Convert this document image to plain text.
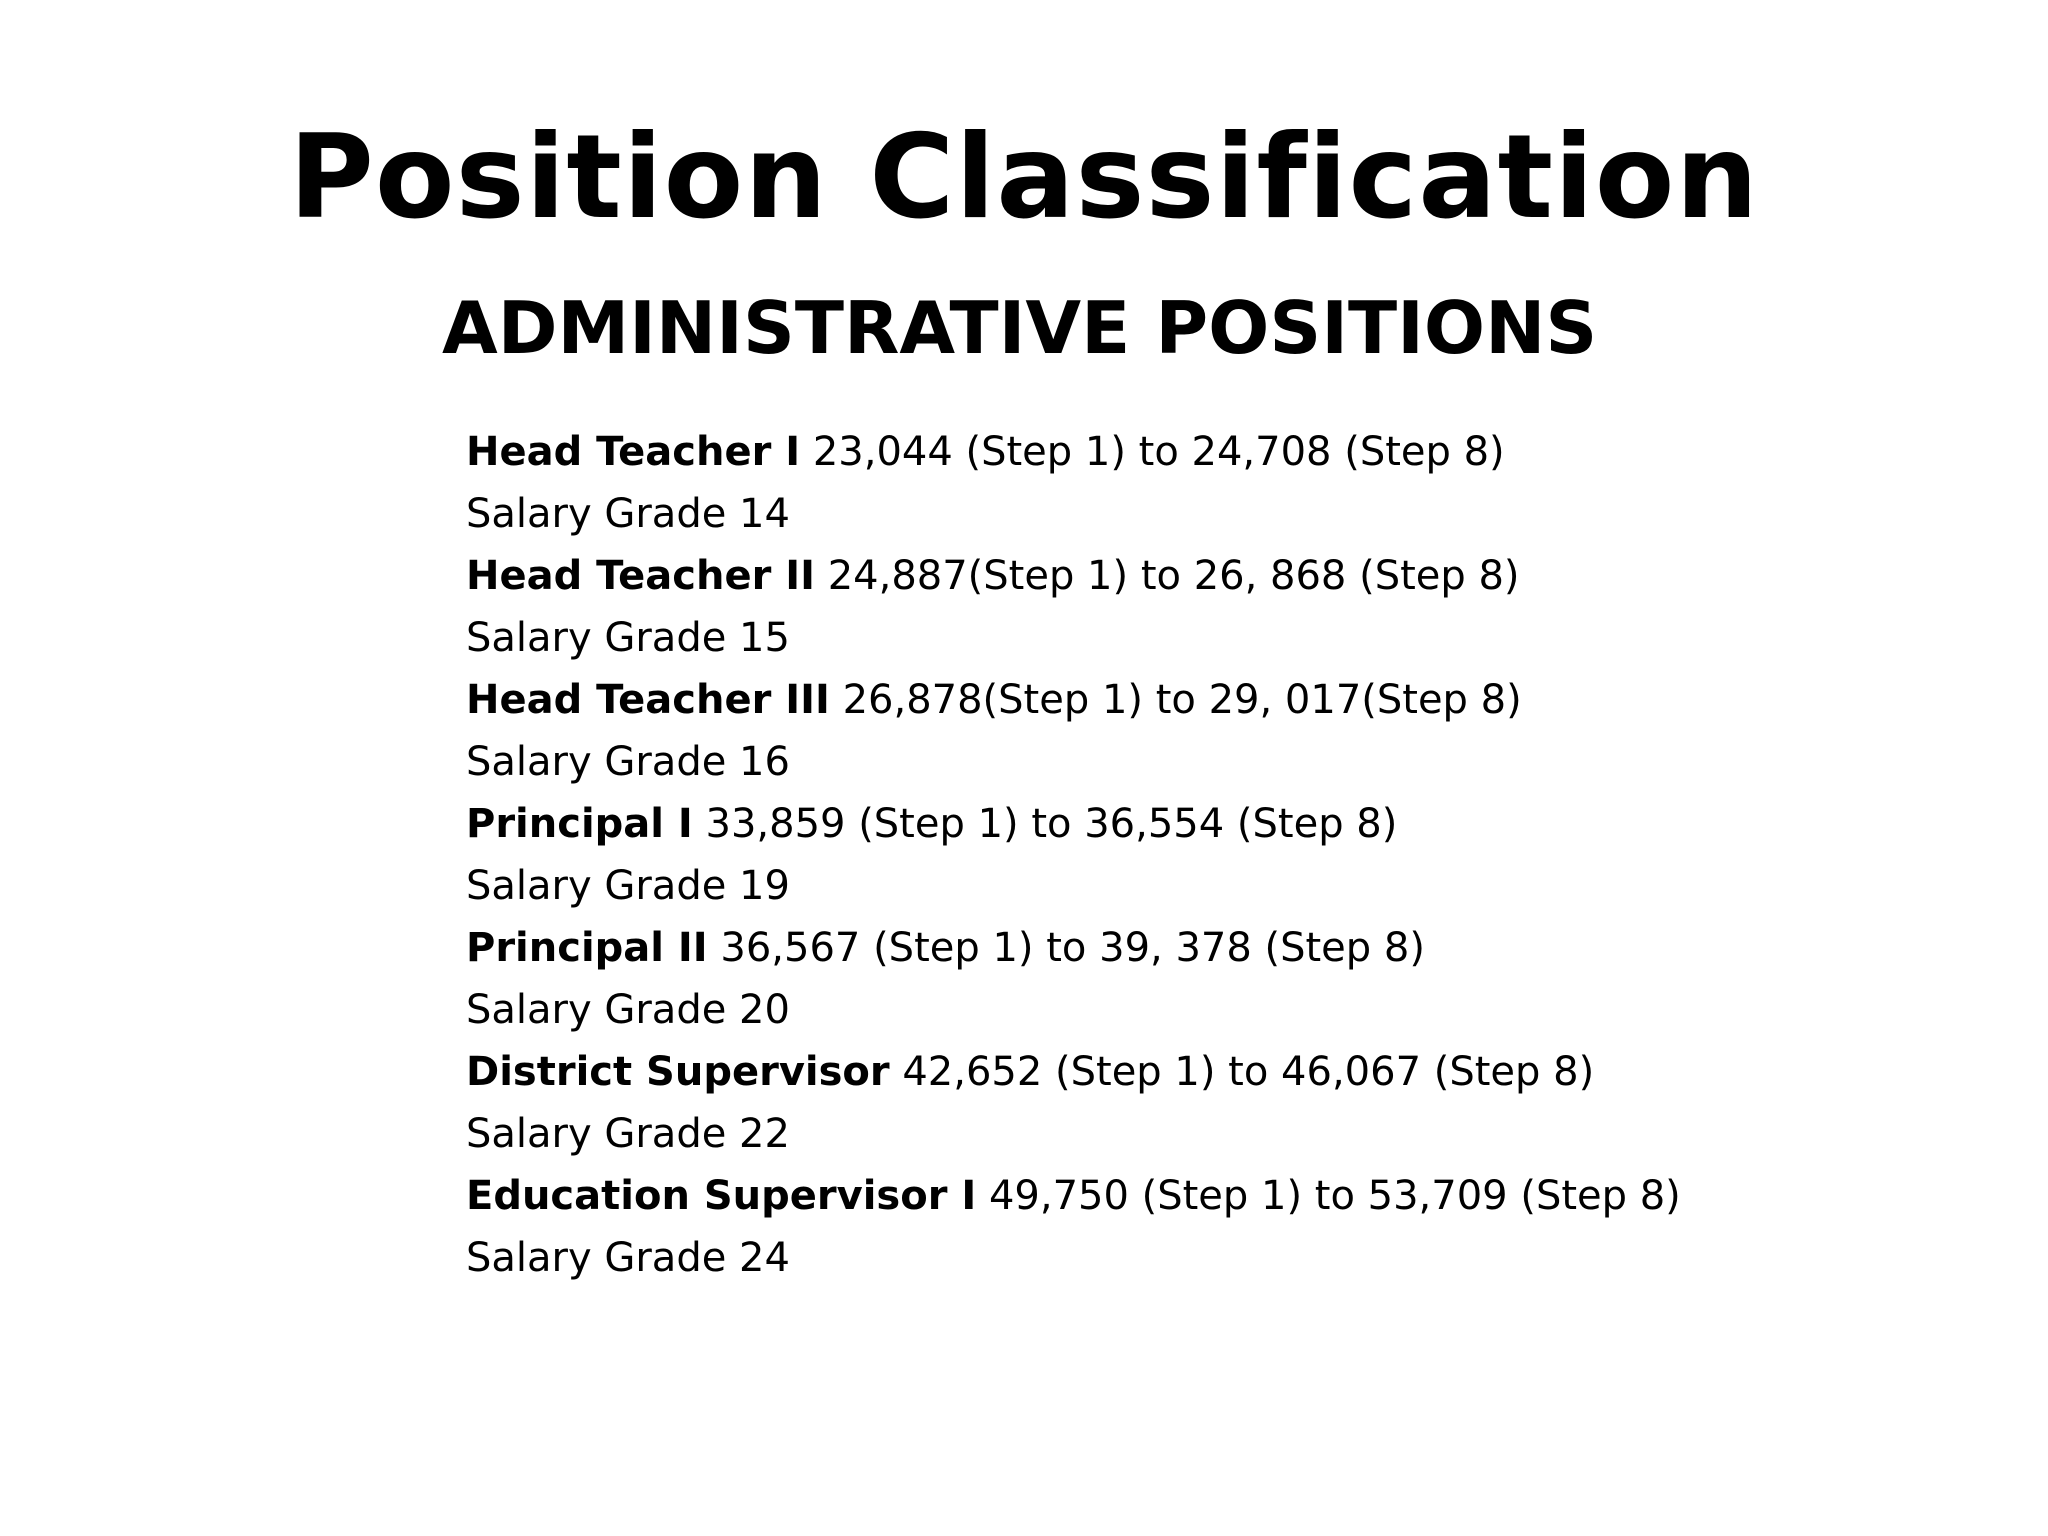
Position Classification
ADMINISTRATIVE POSITIONS
Head Teacher I 23,044 (Step 1) to 24,708 (Step 8)
Salary Grade 14
Head Teacher II 24,887(Step 1) to 26, 868 (Step 8)
Salary Grade 15
Head Teacher III 26,878(Step 1) to 29, 017(Step 8)
Salary Grade 16
Principal I 33,859 (Step 1) to 36,554 (Step 8)
Salary Grade 19
Principal II 36,567 (Step 1) to 39, 378 (Step 8)
Salary Grade 20
District Supervisor 42,652 (Step 1) to 46,067 (Step 8)
Salary Grade 22
Education Supervisor I 49,750 (Step 1) to 53,709 (Step 8)
Salary Grade 24
